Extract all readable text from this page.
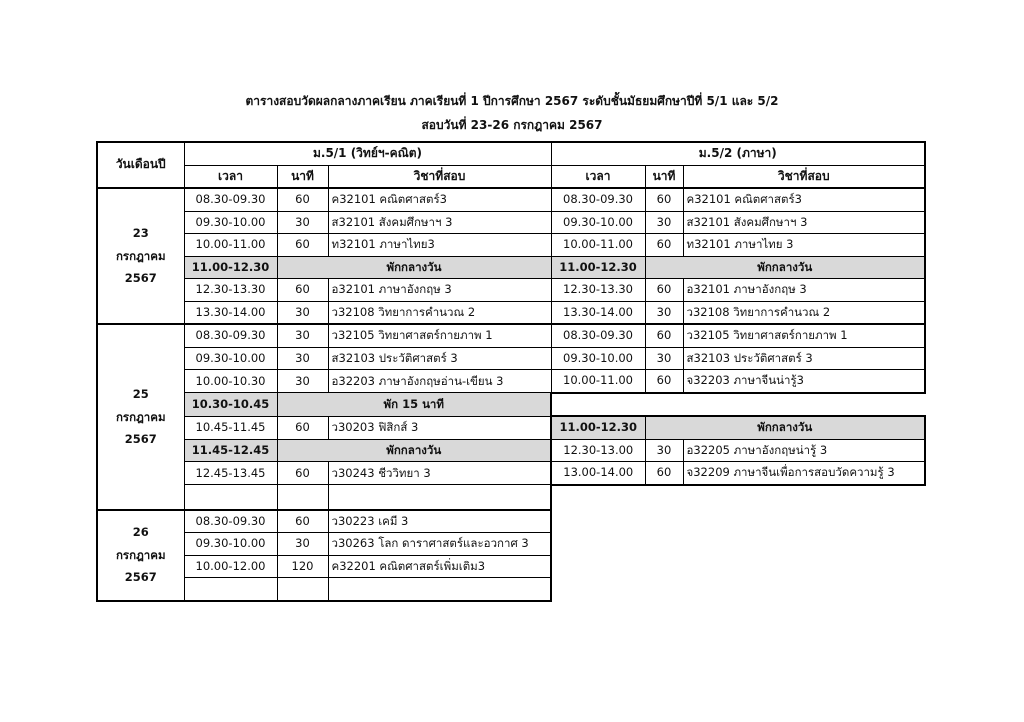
ตารางสอบวัดผลกลางภาคเรียน ภาคเรียนที่ 1 ปีการศึกษา 2567 ระดับชั้นมัธยมศึกษาปีที่ 5/1 และ 5/2
สอบวันที่ 23-26 กรกฎาคม 2567
วันเดือนปี	ม.5/1 (วิทย์ฯ-คณิต)			ม.5/2 (ภาษา)		
	เวลา	นาที	วิชาที่สอบ	เวลา	นาที	วิชาที่สอบ

23
กรกฎาคม
2567	08.30-09.30	60	ค32101 คณิตศาสตร์3	08.30-09.30	60	ค32101 คณิตศาสตร์3
	09.30-10.00	30	ส32101 สังคมศึกษาฯ 3	09.30-10.00	30	ส32101 สังคมศึกษาฯ 3
	10.00-11.00	60	ท32101 ภาษาไทย3	10.00-11.00	60	ท32101 ภาษาไทย 3
	11.00-12.30	พักกลางวัน		11.00-12.30	พักกลางวัน	
	12.30-13.30	60	อ32101 ภาษาอังกฤษ 3	12.30-13.30	60	อ32101 ภาษาอังกฤษ 3
	13.30-14.00	30	ว32108 วิทยาการคำนวณ 2	13.30-14.00	30	ว32108 วิทยาการคำนวณ 2

25
กรกฎาคม
2567	08.30-09.30	30	ว32105 วิทยาศาสตร์กายภาพ 1	08.30-09.30	60	ว32105 วิทยาศาสตร์กายภาพ 1
	09.30-10.00	30	ส32103 ประวัติศาสตร์ 3	09.30-10.00	30	ส32103 ประวัติศาสตร์ 3
	10.00-10.30	30	อ32203 ภาษาอังกฤษอ่าน-เขียน 3	10.00-11.00	60	จ32203 ภาษาจีนน่ารู้3
	10.30-10.45	พัก 15 นาที				
	10.45-11.45	60	ว30203 ฟิสิกส์ 3	11.00-12.30	พักกลางวัน	
	11.45-12.45	พักกลางวัน		12.30-13.00	30	อ32205 ภาษาอังกฤษน่ารู้ 3
	12.45-13.45	60	ว30243 ชีววิทยา 3	13.00-14.00	60	จ32209 ภาษาจีนเพื่อการสอบวัดความรู้ 3

26
กรกฎาคม
2567	08.30-09.30	60	ว30223 เคมี 3			
	09.30-10.00	30	ว30263 โลก ดาราศาสตร์และอวกาศ 3			
	10.00-12.00	120	ค32201 คณิตศาสตร์เพิ่มเติม3			
